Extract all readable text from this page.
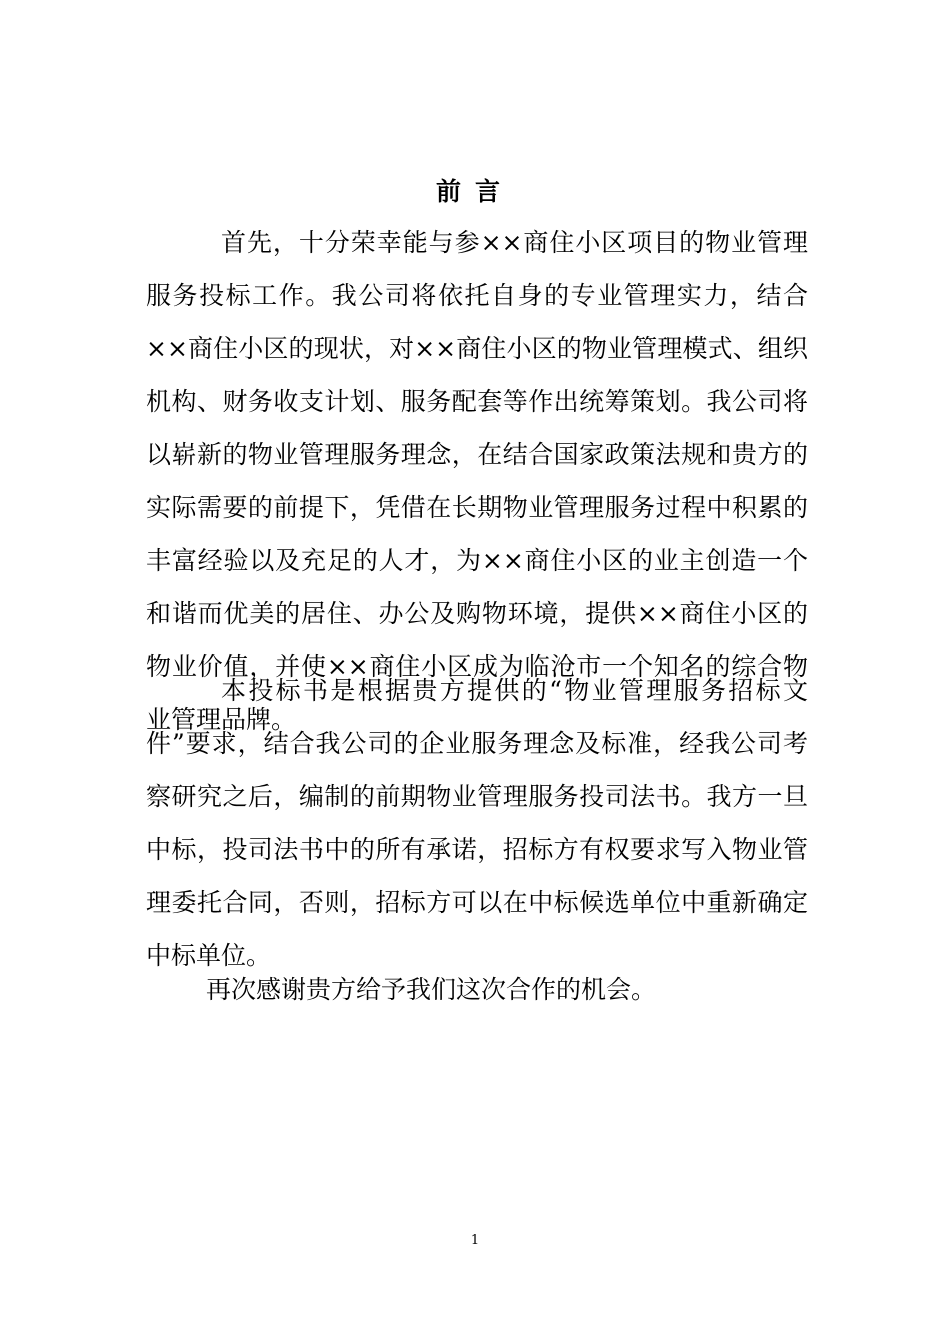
前言
首先，十分荣幸能与参××商住小区项目的物业管理服务投标工作。我公司将依托自身的专业管理实力，结合××商住小区的现状，对××商住小区的物业管理模式、组织机构、财务收支计划、服务配套等作出统筹策划。我公司将以崭新的物业管理服务理念，在结合国家政策法规和贵方的实际需要的前提下，凭借在长期物业管理服务过程中积累的丰富经验以及充足的人才，为××商住小区的业主创造一个和谐而优美的居住、办公及购物环境，提供××商住小区的物业价值，并使××商住小区成为临沧市一个知名的综合物业管理品牌。
本投标书是根据贵方提供的“物业管理服务招标文件”要求，结合我公司的企业服务理念及标准，经我公司考察研究之后，编制的前期物业管理服务投司法书。我方一旦中标，投司法书中的所有承诺，招标方有权要求写入物业管理委托合同，否则，招标方可以在中标候选单位中重新确定中标单位。
再次感谢贵方给予我们这次合作的机会。
1
